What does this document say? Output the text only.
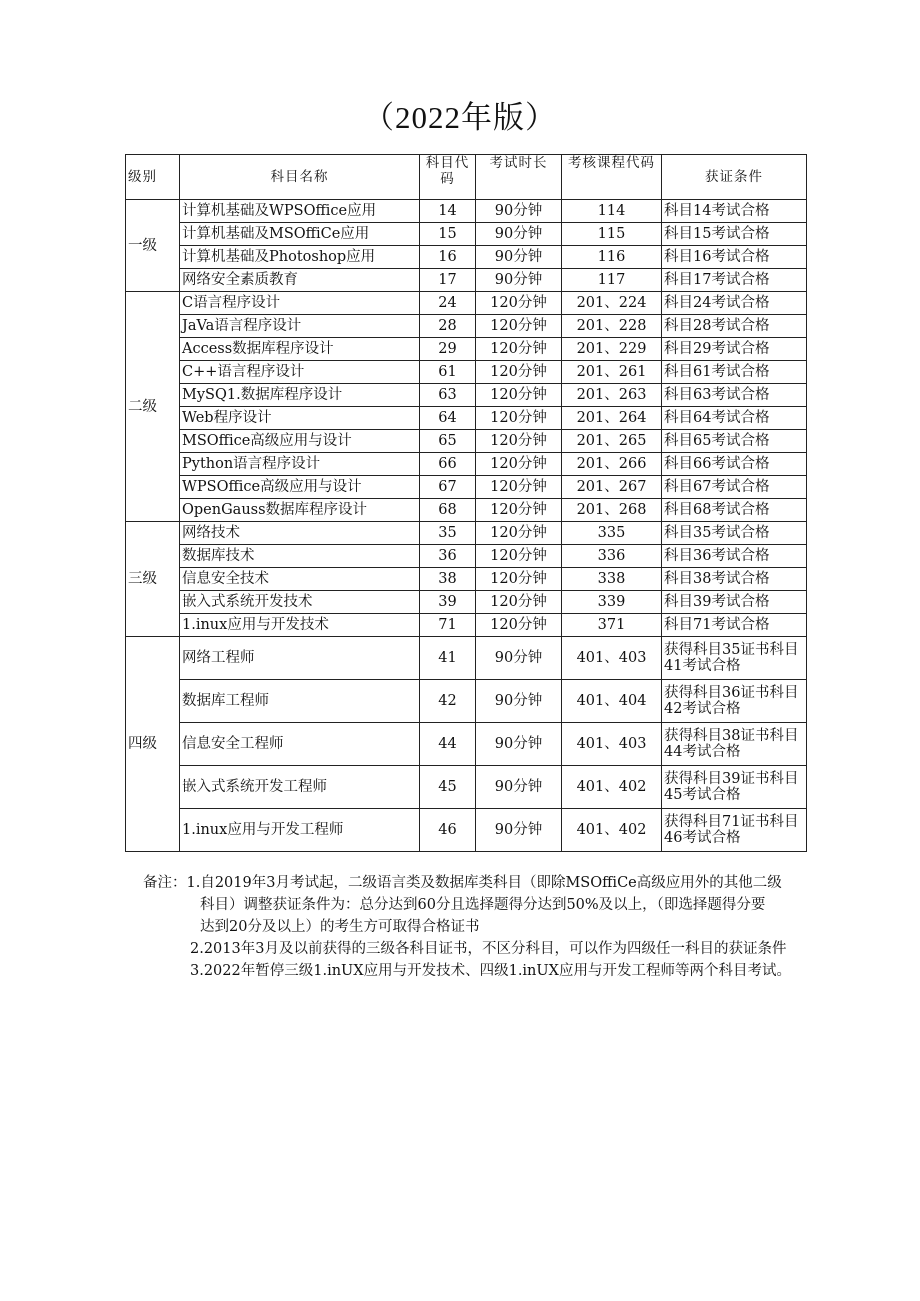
（2022年版）
级别	科目名称	科目代码	考试时长	考核课程代码	获证条件
一级	计算机基础及WPSOffice应用	14	90分钟	114	科目14考试合格
	计算机基础及MSOffiCe应用	15	90分钟	115	科目15考试合格
	计算机基础及Photoshop应用	16	90分钟	116	科目16考试合格
	网络安全素质教育	17	90分钟	117	科目17考试合格
二级	C语言程序设计	24	120分钟	201、224	科目24考试合格
	JaVa语言程序设计	28	120分钟	201、228	科目28考试合格
	Access数据库程序设计	29	120分钟	201、229	科目29考试合格
	C++语言程序设计	61	120分钟	201、261	科目61考试合格
	MySQ1.数据库程序设计	63	120分钟	201、263	科目63考试合格
	Web程序设计	64	120分钟	201、264	科目64考试合格
	MSOffice高级应用与设计	65	120分钟	201、265	科目65考试合格
	Python语言程序设计	66	120分钟	201、266	科目66考试合格
	WPSOffice高级应用与设计	67	120分钟	201、267	科目67考试合格
	OpenGauss数据库程序设计	68	120分钟	201、268	科目68考试合格
三级	网络技术	35	120分钟	335	科目35考试合格
	数据库技术	36	120分钟	336	科目36考试合格
	信息安全技术	38	120分钟	338	科目38考试合格
	嵌入式系统开发技术	39	120分钟	339	科目39考试合格
	1.inux应用与开发技术	71	120分钟	371	科目71考试合格
四级	网络工程师	41	90分钟	401、403	获得科目35证书科目41考试合格
	数据库工程师	42	90分钟	401、404	获得科目36证书科目42考试合格
	信息安全工程师	44	90分钟	401、403	获得科目38证书科目44考试合格
	嵌入式系统开发工程师	45	90分钟	401、402	获得科目39证书科目45考试合格
	1.inux应用与开发工程师	46	90分钟	401、402	获得科目71证书科目46考试合格
备注：1.自2019年3月考试起，二级语言类及数据库类科目（即除MSOffiCe高级应用外的其他二级
科目）调整获证条件为：总分达到60分且选择题得分达到50%及以上，（即选择题得分要
达到20分及以上）的考生方可取得合格证书
2.2013年3月及以前获得的三级各科目证书，不区分科目，可以作为四级任一科目的获证条件
3.2022年暂停三级1.inUX应用与开发技术、四级1.inUX应用与开发工程师等两个科目考试。
